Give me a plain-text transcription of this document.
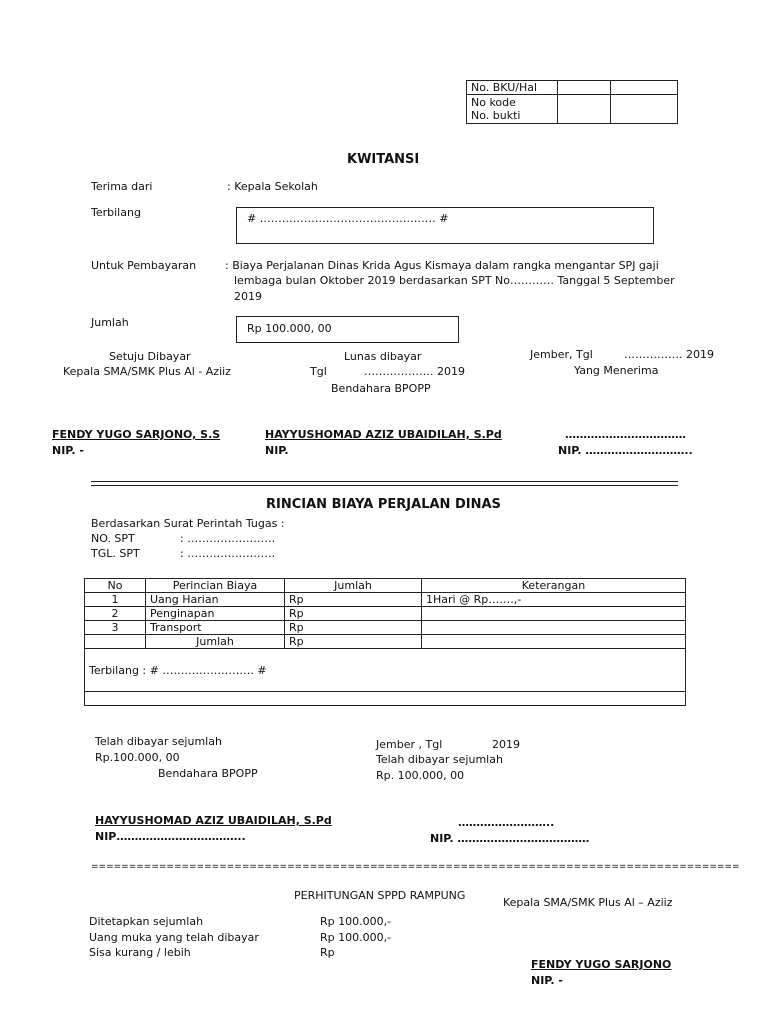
No. BKU/Hal		

No kode
No. bukti		

KWITANSI
Terima dari	: Kepala Sekolah
Terbilang	# ………………………………………… #
Untuk Pembayaran	: Biaya Perjalanan Dinas Krida Agus Kismaya dalam rangka mengantar SPJ gaji
lembaga bulan Oktober 2019 berdasarkan SPT No………… Tanggal 5 September
2019
Jumlah	Rp 100.000, 00
Setuju Dibayar
Kepala SMA/SMK Plus Al - Aziiz
Lunas dibayar
Tgl	………………. 2019
Bendahara BPOPP
Jember, Tgl	……………. 2019
Yang Menerima
FENDY YUGO SARJONO, S.S
NIP. -
HAYYUSHOMAD AZIZ UBAIDILAH, S.Pd
NIP.
……………………………
NIP. ………………………..
RINCIAN BIAYA PERJALAN DINAS
Berdasarkan Surat Perintah Tugas :
NO. SPT	: ……………………
TGL. SPT	: ……………………
No	Perincian Biaya	Jumlah	Keterangan
1	Uang Harian	Rp	1Hari @ Rp…….,-
2	Penginapan	Rp	
3	Transport	Rp	
	Jumlah	Rp	
Terbilang : # ……………………. #			

Telah dibayar sejumlah
Rp.100.000, 00
Bendahara BPOPP
Jember , Tgl	2019
Telah dibayar sejumlah
Rp. 100.000, 00
HAYYUSHOMAD AZIZ UBAIDILAH, S.Pd
NIP……………………………..
……………………..
NIP. ………………………………
======================================================================================
PERHITUNGAN SPPD RAMPUNG
Kepala SMA/SMK Plus Al – Aziiz
Ditetapkan sejumlah	Rp 100.000,-
Uang muka yang telah dibayar	Rp 100.000,-
Sisa kurang / lebih	Rp
FENDY YUGO SARJONO
NIP. -
